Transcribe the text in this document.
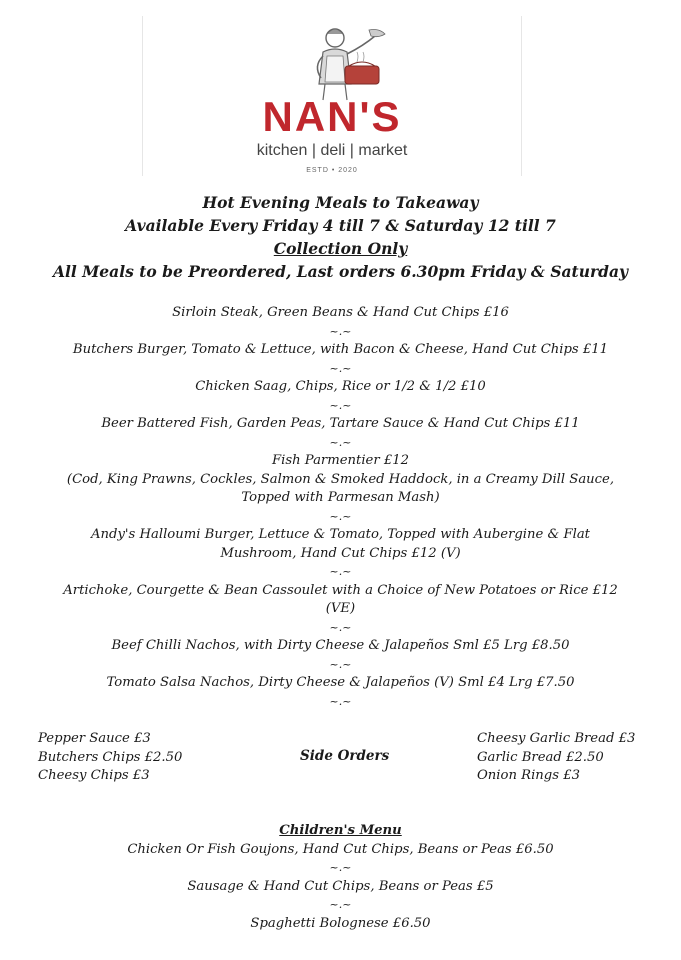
NAN'S
kitchen | deli | market
ESTD • 2020
Hot Evening Meals to Takeaway
Available Every Friday 4 till 7 & Saturday 12 till 7
Collection Only
All Meals to be Preordered, Last orders 6.30pm Friday & Saturday

Sirloin Steak, Green Beans & Hand Cut Chips £16

~.~

Butchers Burger, Tomato & Lettuce, with Bacon & Cheese, Hand Cut Chips £11

~.~

Chicken Saag, Chips, Rice or 1/2 & 1/2 £10

~.~

Beer Battered Fish, Garden Peas, Tartare Sauce & Hand Cut Chips £11

~.~

Fish Parmentier £12

(Cod, King Prawns, Cockles, Salmon & Smoked Haddock, in a Creamy Dill Sauce,

Topped with Parmesan Mash)

~.~

Andy's Halloumi Burger, Lettuce & Tomato, Topped with Aubergine & Flat

Mushroom, Hand Cut Chips £12 (V)

~.~

Artichoke, Courgette & Bean Cassoulet with a Choice of New Potatoes or Rice £12

(VE)

~.~

Beef Chilli Nachos, with Dirty Cheese & Jalapeños Sml £5 Lrg £8.50

~.~

Tomato Salsa Nachos, Dirty Cheese & Jalapeños (V) Sml £4 Lrg £7.50

~.~
Pepper Sauce £3
Butchers Chips £2.50
Cheesy Chips £3
Side Orders
Cheesy Garlic Bread £3
Garlic Bread £2.50
Onion Rings £3
Children's Menu
Chicken Or Fish Goujons, Hand Cut Chips, Beans or Peas £6.50
~.~
Sausage & Hand Cut Chips, Beans or Peas £5
~.~
Spaghetti Bolognese £6.50
